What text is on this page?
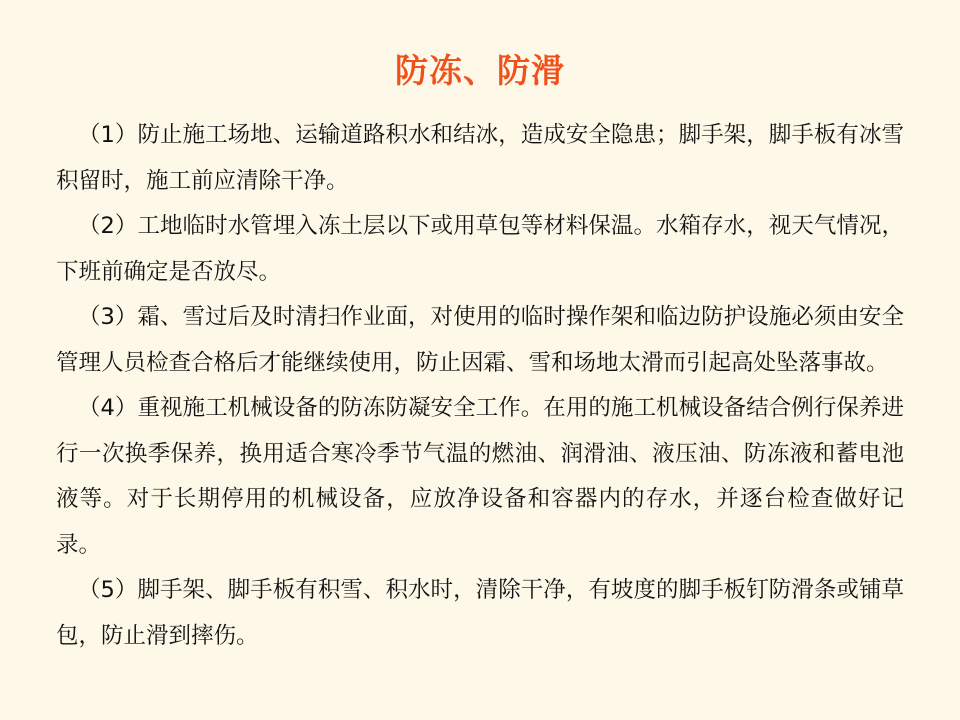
防冻、防滑

（1）防止施工场地、运输道路积水和结冰，造成安全隐患；脚手架，脚手板有冰雪积留时，施工前应清除干净。

（2）工地临时水管埋入冻土层以下或用草包等材料保温。水箱存水，视天气情况，下班前确定是否放尽。

（3）霜、雪过后及时清扫作业面，对使用的临时操作架和临边防护设施必须由安全管理人员检查合格后才能继续使用，防止因霜、雪和场地太滑而引起高处坠落事故。

（4）重视施工机械设备的防冻防凝安全工作。在用的施工机械设备结合例行保养进行一次换季保养，换用适合寒冷季节气温的燃油、润滑油、液压油、防冻液和蓄电池液等。对于长期停用的机械设备，应放净设备和容器内的存水，并逐台检查做好记录。

（5）脚手架、脚手板有积雪、积水时，清除干净，有坡度的脚手板钉防滑条或铺草包，防止滑到摔伤。
